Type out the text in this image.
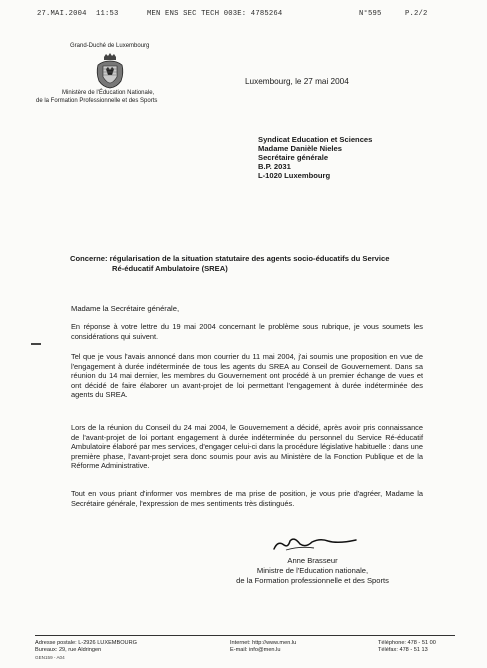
27.MAI.2004 11:53	MEN ENS SEC TECH 003E: 4785264	N°595	P.2/2
Grand-Duché de Luxembourg
Ministère de l'Éducation Nationale,
de la Formation Professionnelle et des Sports
Luxembourg, le 27 mai 2004
Syndicat Education et Sciences
Madame Danièle Nieles
Secrétaire générale
B.P. 2031
L-1020 Luxembourg
Concerne: régularisation de la situation statutaire des agents socio-éducatifs du Service
Ré-éducatif Ambulatoire (SREA)
Madame la Secrétaire générale,
En réponse à votre lettre du 19 mai 2004 concernant le problème sous rubrique, je vous soumets les considérations qui suivent.
Tel que je vous l'avais annoncé dans mon courrier du 11 mai 2004, j'ai soumis une proposition en vue de l'engagement à durée indéterminée de tous les agents du SREA au Conseil de Gouvernement. Dans sa réunion du 14 mai dernier, les membres du Gouvernement ont procédé à un premier échange de vues et ont décidé de faire élaborer un avant-projet de loi permettant l'engagement à durée indéterminée des agents du SREA.
Lors de la réunion du Conseil du 24 mai 2004, le Gouvernement a décidé, après avoir pris connaissance de l'avant-projet de loi portant engagement à durée indéterminée du personnel du Service Ré-éducatif Ambulatoire élaboré par mes services, d'engager celui-ci dans la procédure législative habituelle : dans une première phase, l'avant-projet sera donc soumis pour avis au Ministère de la Fonction Publique et de la Réforme Administrative.
Tout en vous priant d'informer vos membres de ma prise de position, je vous prie d'agréer, Madame la Secrétaire générale, l'expression de mes sentiments très distingués.
Anne Brasseur
Ministre de l'Education nationale,
de la Formation professionnelle et des Sports
Adresse postale: L-2926 LUXEMBOURG
Bureaux: 29, rue Aldringen
GEN159 - A04
Internet: http://www.men.lu
E-mail: info@men.lu
Téléphone: 478 - 51 00
Téléfax: 478 - 51 13
